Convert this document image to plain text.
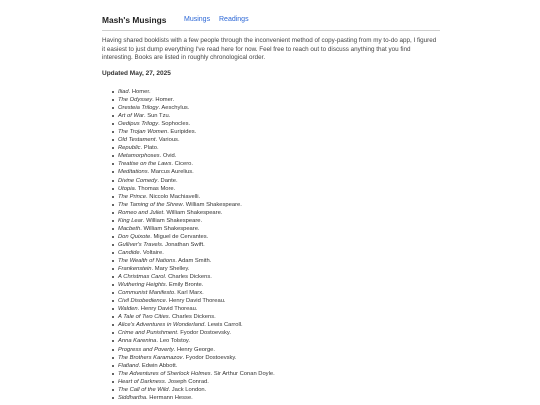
Mash's Musings	Musings Readings

Having shared booklists with a few people through the inconvenient method of copy-pasting from my to-do app, I figured it easiest to just dump everything I've read here for now. Feel free to reach out to discuss anything that you find interesting. Books are listed in roughly chronological order.

Updated May, 27, 2025
Iliad. Homer.
The Odyssey. Homer.
Oresteia Trilogy. Aeschylus.
Art of War. Sun Tzu.
Oedipus Trilogy. Sophocles.
The Trojan Women. Euripides.
Old Testament. Various.
Republic. Plato.
Metamorphoses. Ovid.
Treatise on the Laws. Cicero.
Meditations. Marcus Aurelius.
Divine Comedy. Dante.
Utopia. Thomas More.
The Prince. Niccolo Machiavelli.
The Taming of the Shrew. William Shakespeare.
Romeo and Juliet. William Shakespeare.
King Lear. William Shakespeare.
Macbeth. William Shakespeare.
Don Quixote. Miguel de Cervantes.
Gulliver's Travels. Jonathan Swift.
Candide. Voltaire.
The Wealth of Nations. Adam Smith.
Frankenstein. Mary Shelley.
A Christmas Carol. Charles Dickens.
Wuthering Heights. Emily Bronte.
Communist Manifesto. Karl Marx.
Civil Disobedience. Henry David Thoreau.
Walden. Henry David Thoreau.
A Tale of Two Cities. Charles Dickens.
Alice's Adventures in Wonderland. Lewis Carroll.
Crime and Punishment. Fyodor Dostoevsky.
Anna Karenina. Leo Tolstoy.
Progress and Poverty. Henry George.
The Brothers Karamazov. Fyodor Dostoevsky.
Flatland. Edwin Abbott.
The Adventures of Sherlock Holmes. Sir Arthur Conan Doyle.
Heart of Darkness. Joseph Conrad.
The Call of the Wild. Jack London.
Siddhartha. Hermann Hesse.
